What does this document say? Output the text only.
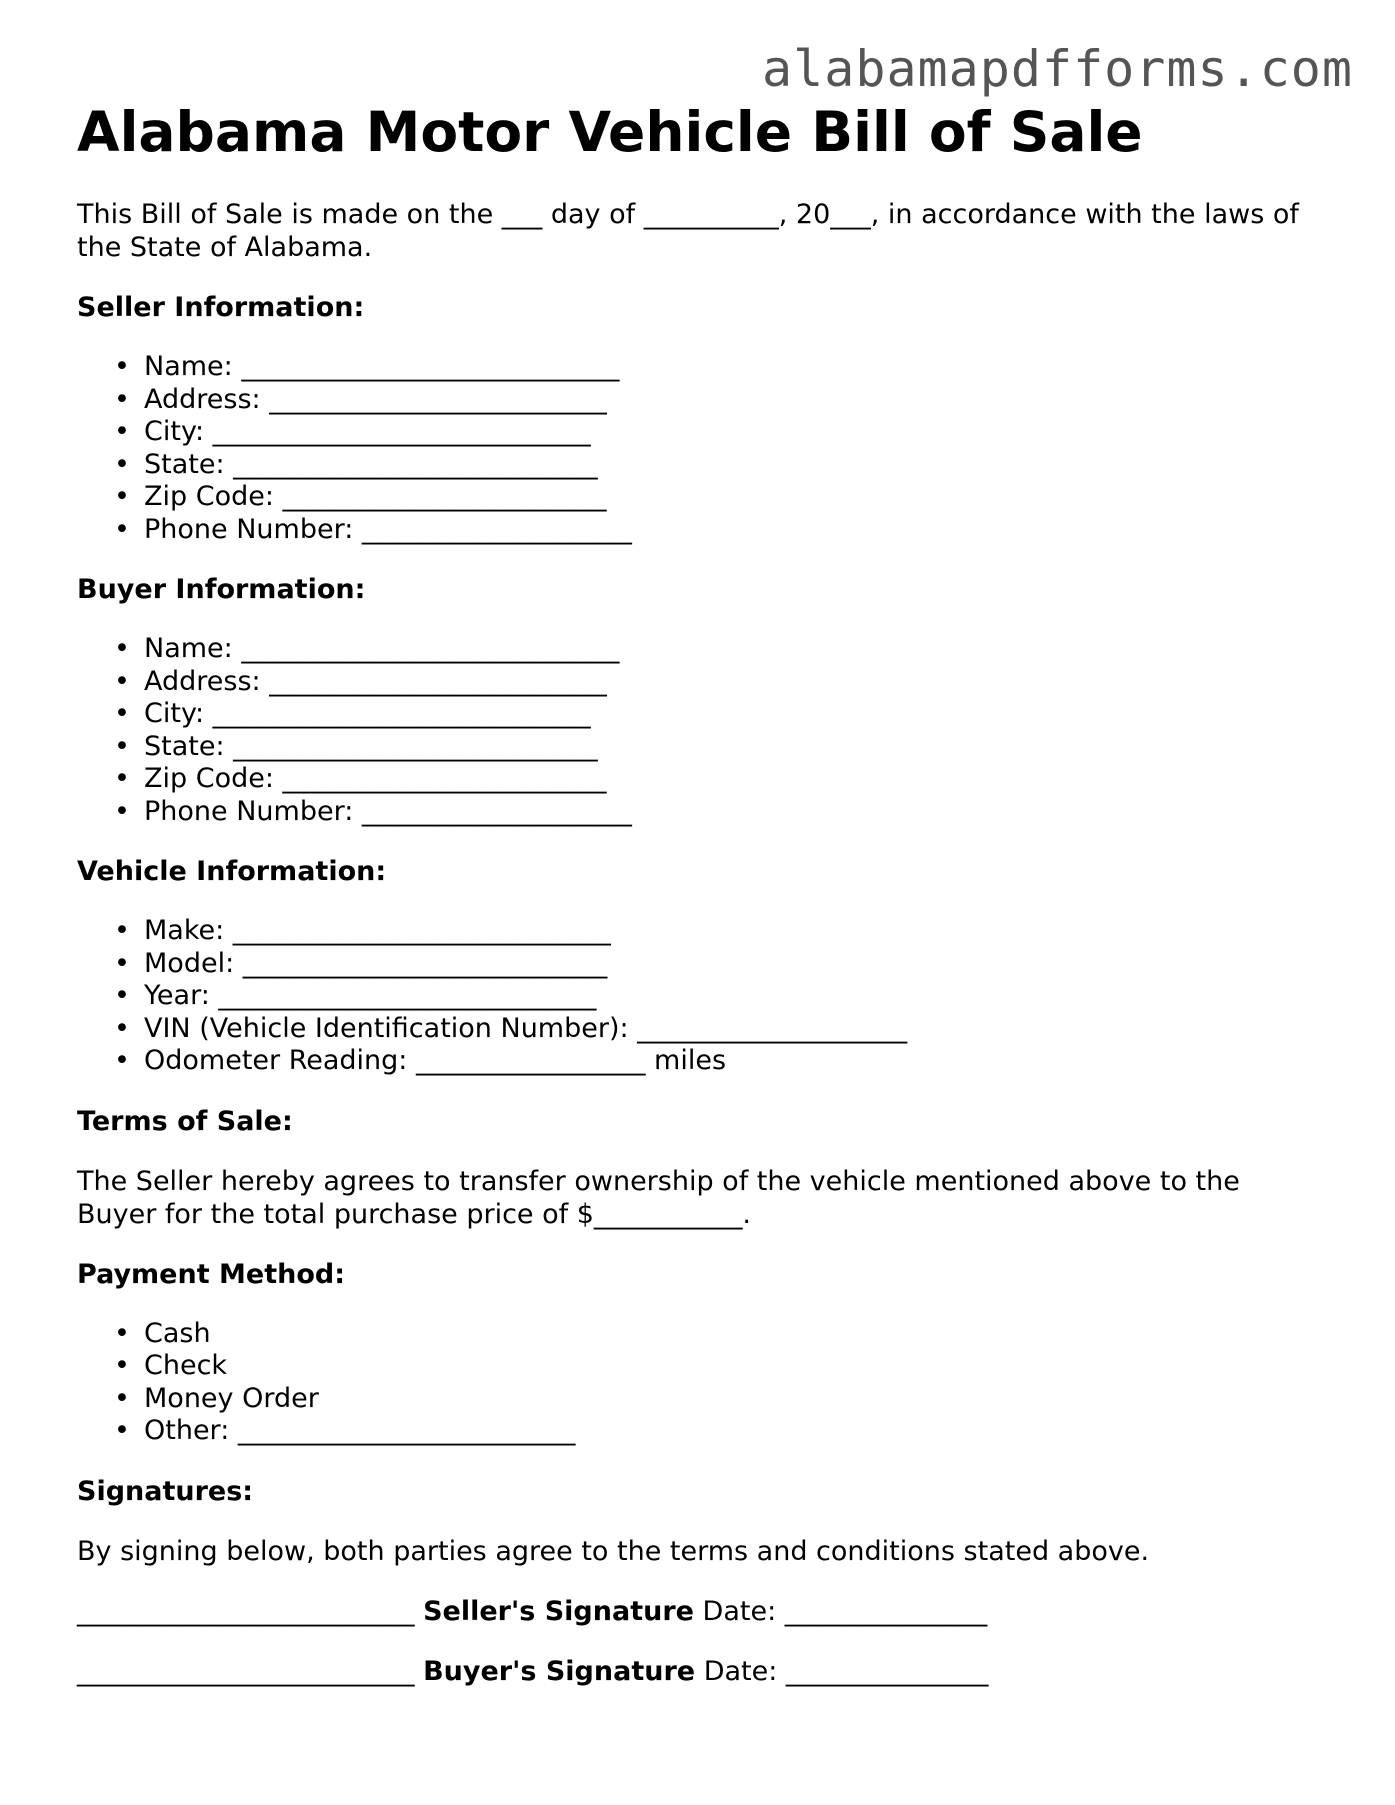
alabamapdfforms.com
Alabama Motor Vehicle Bill of Sale

This Bill of Sale is made on the ___ day of __________, 20___, in accordance with the laws of the State of Alabama.

Seller Information:
• Name: ____________________________
• Address: _________________________
• City: ____________________________
• State: ___________________________
• Zip Code: ________________________
• Phone Number: ____________________
Buyer Information:
• Name: ____________________________
• Address: _________________________
• City: ____________________________
• State: ___________________________
• Zip Code: ________________________
• Phone Number: ____________________
Vehicle Information:
• Make: ____________________________
• Model: ___________________________
• Year: ____________________________
• VIN (Vehicle Identification Number): ____________________
• Odometer Reading: _________________ miles
Terms of Sale:

The Seller hereby agrees to transfer ownership of the vehicle mentioned above to the Buyer for the total purchase price of $___________.

Payment Method:
• Cash
• Check
• Money Order
• Other: _________________________
Signatures:

By signing below, both parties agree to the terms and conditions stated above.

_________________________ Seller's Signature Date: _______________
_________________________ Buyer's Signature Date: _______________
